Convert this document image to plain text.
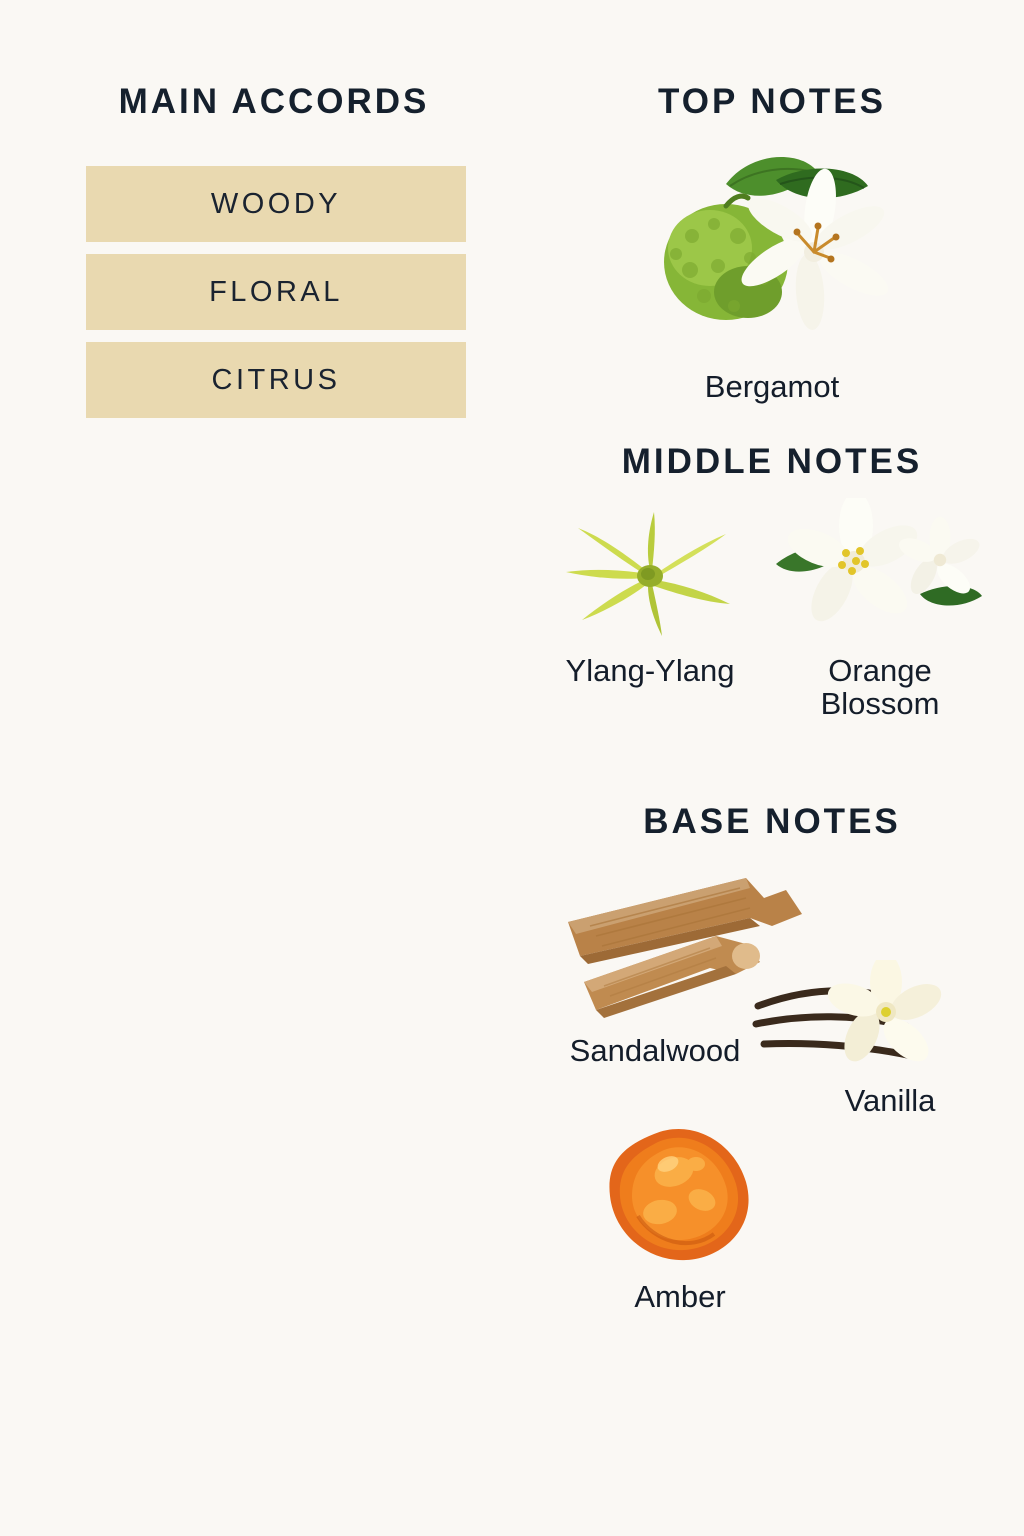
MAIN ACCORDS
WOODY
FLORAL
CITRUS
TOP NOTES
Bergamot
MIDDLE NOTES
Ylang-Ylang	Orange
Blossom
BASE NOTES
Sandalwood
Vanilla
Amber
